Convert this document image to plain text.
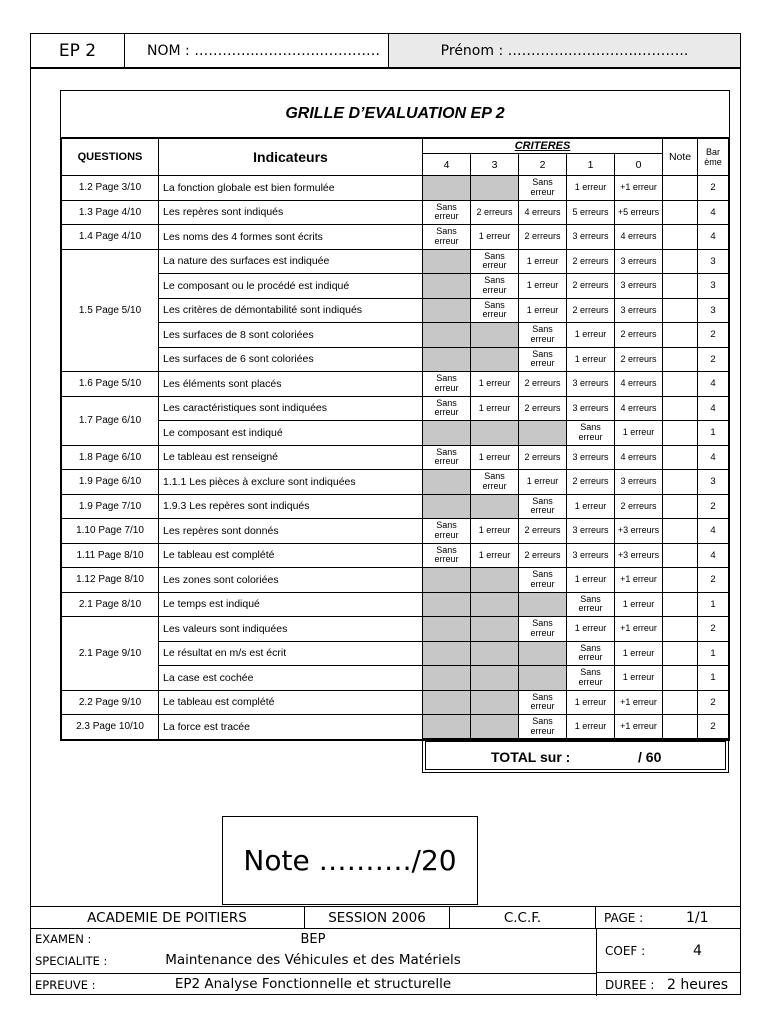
EP 2	NOM : …………..…………..…………	Prénom : …………..…………..………..
GRILLE D’EVALUATION EP 2
QUESTIONS	Indicateurs	CRITERES					Note	Bar ème
		4	3	2	1	0		
1.2 Page 3/10	La fonction globale est bien formulée			Sans erreur	1 erreur	+1 erreur		2
1.3 Page 4/10	Les repères sont indiqués	Sans erreur	2 erreurs	4 erreurs	5 erreurs	+5 erreurs		4
1.4 Page 4/10	Les noms des 4 formes sont écrits	Sans erreur	1 erreur	2 erreurs	3 erreurs	4 erreurs		4
1.5 Page 5/10	La nature des surfaces est indiquée		Sans erreur	1 erreur	2 erreurs	3 erreurs		3
	Le composant ou le procédé est indiqué		Sans erreur	1 erreur	2 erreurs	3 erreurs		3
	Les critères de démontabilité sont indiqués		Sans erreur	1 erreur	2 erreurs	3 erreurs		3
	Les surfaces de 8 sont coloriées			Sans erreur	1 erreur	2 erreurs		2
	Les surfaces de 6 sont coloriées			Sans erreur	1 erreur	2 erreurs		2
1.6 Page 5/10	Les éléments sont placés	Sans erreur	1 erreur	2 erreurs	3 erreurs	4 erreurs		4
1.7 Page 6/10	Les caractéristiques sont indiquées	Sans erreur	1 erreur	2 erreurs	3 erreurs	4 erreurs		4
	Le composant est indiqué				Sans erreur	1 erreur		1
1.8 Page 6/10	Le tableau est renseigné	Sans erreur	1 erreur	2 erreurs	3 erreurs	4 erreurs		4
1.9 Page 6/10	1.1.1 Les pièces à exclure sont indiquées		Sans erreur	1 erreur	2 erreurs	3 erreurs		3
1.9 Page 7/10	1.9.3 Les repères sont indiqués			Sans erreur	1 erreur	2 erreurs		2
1.10 Page 7/10	Les repères sont donnés	Sans erreur	1 erreur	2 erreurs	3 erreurs	+3 erreurs		4
1.11 Page 8/10	Le tableau est complété	Sans erreur	1 erreur	2 erreurs	3 erreurs	+3 erreurs		4
1.12 Page 8/10	Les zones sont coloriées			Sans erreur	1 erreur	+1 erreur		2
2.1 Page 8/10	Le temps est indiqué				Sans erreur	1 erreur		1
2.1 Page 9/10	Les valeurs sont indiquées			Sans erreur	1 erreur	+1 erreur		2
	Le résultat en m/s est écrit				Sans erreur	1 erreur		1
	La case est cochée				Sans erreur	1 erreur		1
2.2 Page 9/10	Le tableau est complété			Sans erreur	1 erreur	+1 erreur		2
2.3 Page 10/10	La force est tracée			Sans erreur	1 erreur	+1 erreur		2
TOTAL sur :	/ 60
Note ………./20
ACADEMIE DE POITIERS	SESSION 2006	C.C.F.	PAGE :	1/1
COEF :	4
DUREE : 2 heures
EXAMEN :	BEP
SPECIALITE :	Maintenance des Véhicules et des Matériels
EPREUVE :	EP2 Analyse Fonctionnelle et structurelle
